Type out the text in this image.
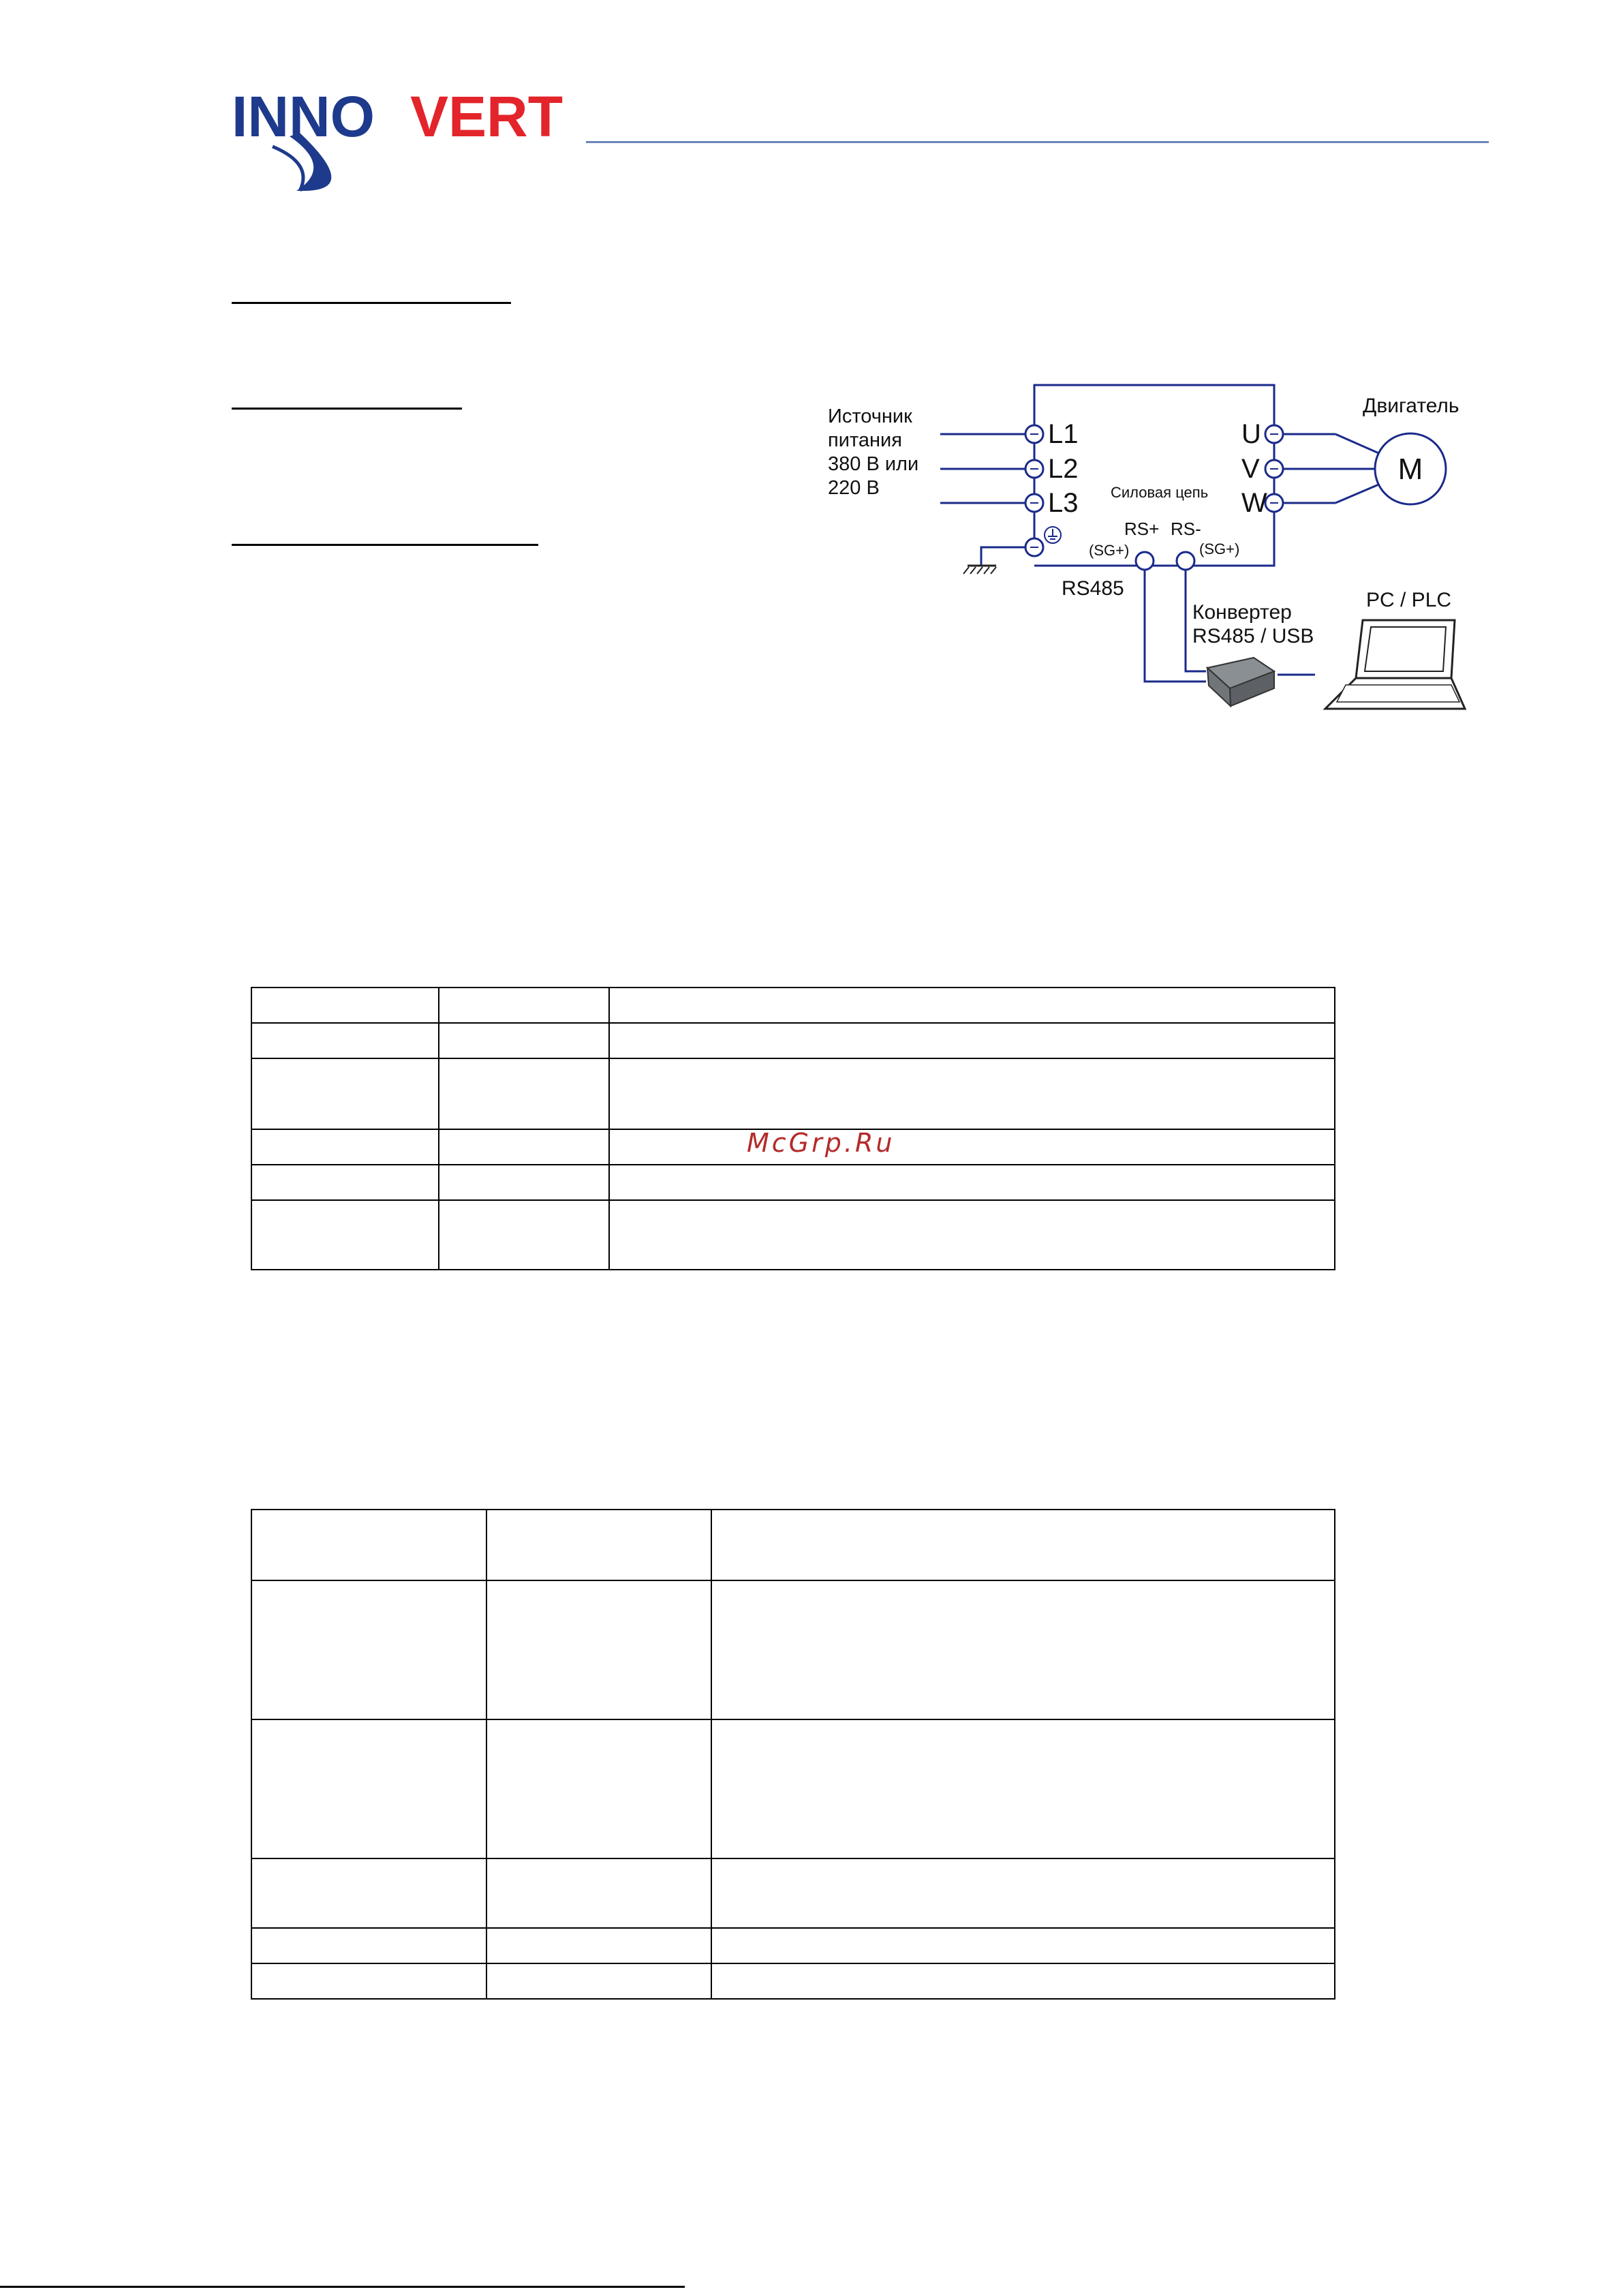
INNO VERT
M
Источник
питания
380 В или
220 В
L1
L2
L3
U
V
W
Двигатель
Силовая цепь
RS+ RS-
(SG+)	(SG+)
RS485
Конвертер
RS485 / USB
PC / PLC
McGrp.Ru
